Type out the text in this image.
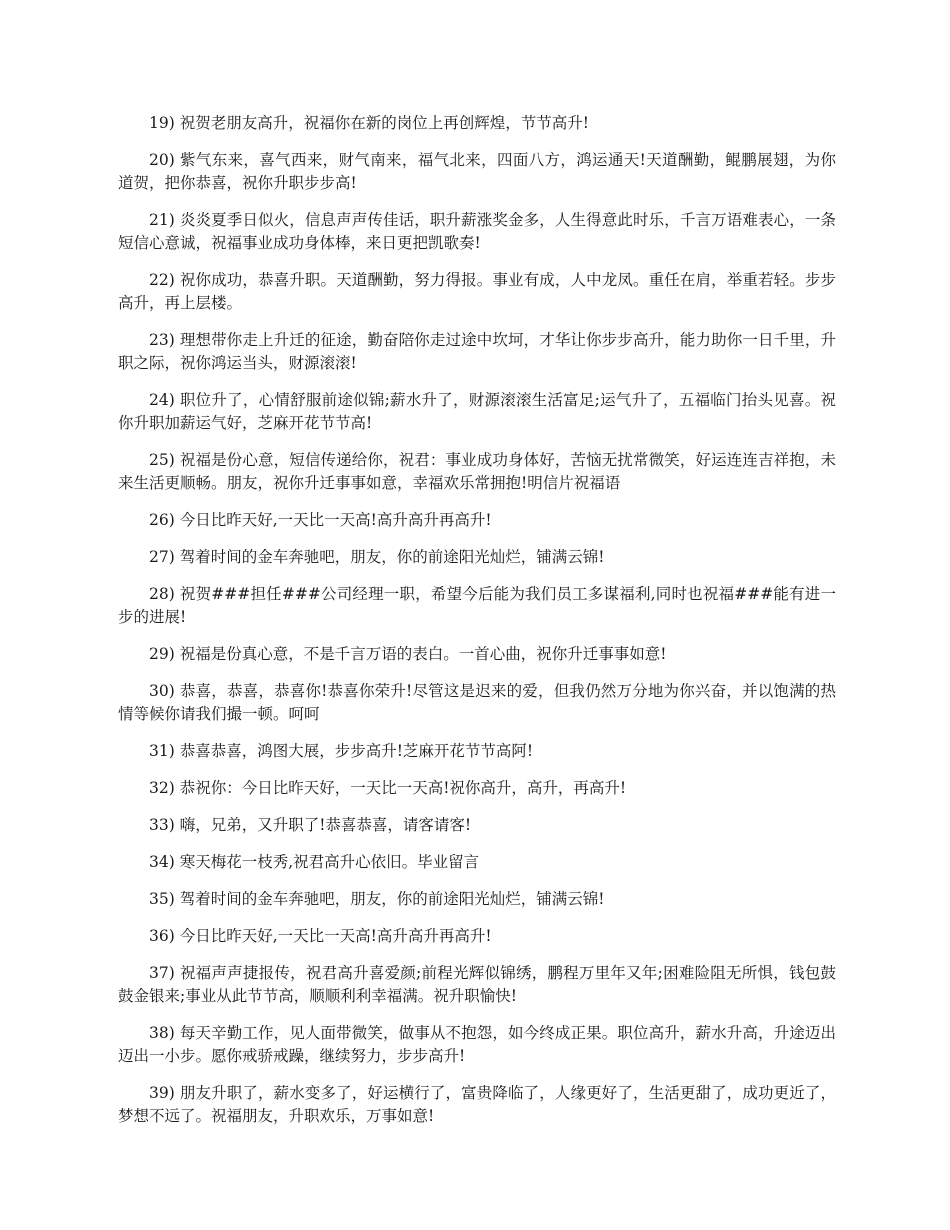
19) 祝贺老朋友高升，祝福你在新的岗位上再创辉煌，节节高升!

20) 紫气东来，喜气西来，财气南来，福气北来，四面八方，鸿运通天!天道酬勤，鲲鹏展翅，为你道贺，把你恭喜，祝你升职步步高!

21) 炎炎夏季日似火，信息声声传佳话，职升薪涨奖金多，人生得意此时乐，千言万语难表心，一条短信心意诚，祝福事业成功身体棒，来日更把凯歌奏!

22) 祝你成功，恭喜升职。天道酬勤，努力得报。事业有成，人中龙凤。重任在肩，举重若轻。步步高升，再上层楼。

23) 理想带你走上升迁的征途，勤奋陪你走过途中坎坷，才华让你步步高升，能力助你一日千里，升职之际，祝你鸿运当头，财源滚滚!

24) 职位升了，心情舒服前途似锦;薪水升了，财源滚滚生活富足;运气升了，五福临门抬头见喜。祝你升职加薪运气好，芝麻开花节节高!

25) 祝福是份心意，短信传递给你，祝君：事业成功身体好，苦恼无扰常微笑，好运连连吉祥抱，未来生活更顺畅。朋友，祝你升迁事事如意，幸福欢乐常拥抱!明信片祝福语

26) 今日比昨天好,一天比一天高!高升高升再高升!

27) 驾着时间的金车奔驰吧，朋友，你的前途阳光灿烂，铺满云锦!

28) 祝贺###担任###公司经理一职，希望今后能为我们员工多谋福利,同时也祝福###能有进一步的进展!

29) 祝福是份真心意，不是千言万语的表白。一首心曲，祝你升迁事事如意!

30) 恭喜，恭喜，恭喜你!恭喜你荣升!尽管这是迟来的爱，但我仍然万分地为你兴奋，并以饱满的热情等候你请我们撮一顿。呵呵

31) 恭喜恭喜，鸿图大展，步步高升!芝麻开花节节高阿!

32) 恭祝你：今日比昨天好，一天比一天高!祝你高升，高升，再高升!

33) 嗨，兄弟，又升职了!恭喜恭喜，请客请客!

34) 寒天梅花一枝秀,祝君高升心依旧。毕业留言

35) 驾着时间的金车奔驰吧，朋友，你的前途阳光灿烂，铺满云锦!

36) 今日比昨天好,一天比一天高!高升高升再高升!

37) 祝福声声捷报传，祝君高升喜爱颜;前程光辉似锦绣，鹏程万里年又年;困难险阻无所惧，钱包鼓鼓金银来;事业从此节节高，顺顺利利幸福满。祝升职愉快!

38) 每天辛勤工作，见人面带微笑，做事从不抱怨，如今终成正果。职位高升，薪水升高，升途迈出迈出一小步。愿你戒骄戒躁，继续努力，步步高升!

39) 朋友升职了，薪水变多了，好运横行了，富贵降临了，人缘更好了，生活更甜了，成功更近了，梦想不远了。祝福朋友，升职欢乐，万事如意!
